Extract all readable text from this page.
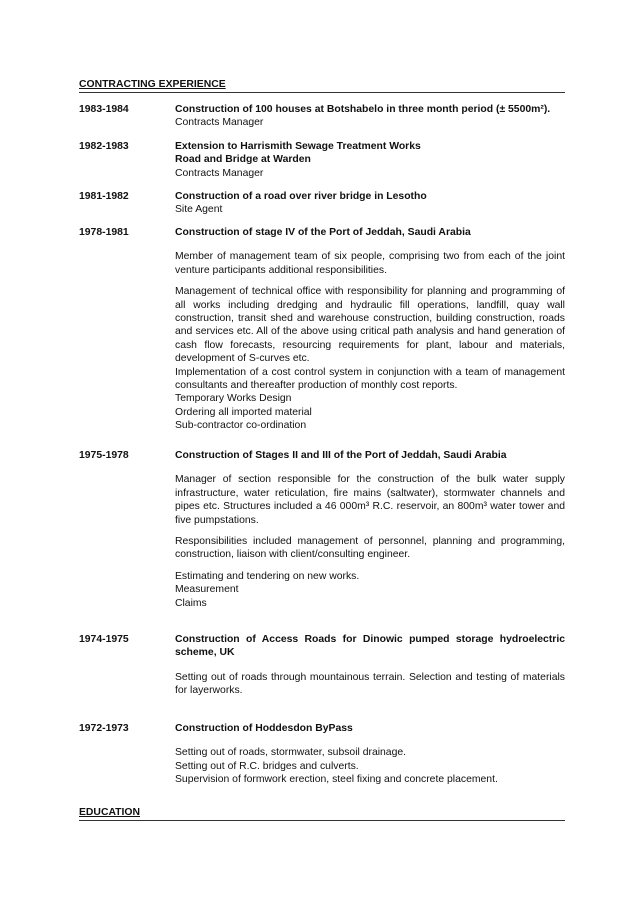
CONTRACTING EXPERIENCE
1983-1984	Construction of 100 houses at Botshabelo in three month period (± 5500m²).
Contracts Manager
1982-1983	Extension to Harrismith Sewage Treatment Works
Road and Bridge at Warden
Contracts Manager
1981-1982	Construction of a road over river bridge in Lesotho
Site Agent
1978-1981	Construction of stage IV of the Port of Jeddah, Saudi Arabia

Member of management team of six people, comprising two from each of the joint venture participants additional responsibilities.

Management of technical office with responsibility for planning and programming of all works including dredging and hydraulic fill operations, landfill, quay wall construction, transit shed and warehouse construction, building construction, roads and services etc. All of the above using critical path analysis and hand generation of cash flow forecasts, resourcing requirements for plant, labour and materials, development of S-curves etc.

Implementation of a cost control system in conjunction with a team of management consultants and thereafter production of monthly cost reports.

Temporary Works Design
Ordering all imported material
Sub-contractor co-ordination
1975-1978	Construction of Stages II and III of the Port of Jeddah, Saudi Arabia

Manager of section responsible for the construction of the bulk water supply infrastructure, water reticulation, fire mains (saltwater), stormwater channels and pipes etc. Structures included a 46 000m³ R.C. reservoir, an 800m³ water tower and five pumpstations.

Responsibilities included management of personnel, planning and programming, construction, liaison with client/consulting engineer.

Estimating and tendering on new works.
Measurement
Claims
1974-1975	Construction of Access Roads for Dinowic pumped storage hydroelectric scheme, UK

Setting out of roads through mountainous terrain. Selection and testing of materials for layerworks.

1972-1973	Construction of Hoddesdon ByPass
Setting out of roads, stormwater, subsoil drainage.
Setting out of R.C. bridges and culverts.
Supervision of formwork erection, steel fixing and concrete placement.
EDUCATION
